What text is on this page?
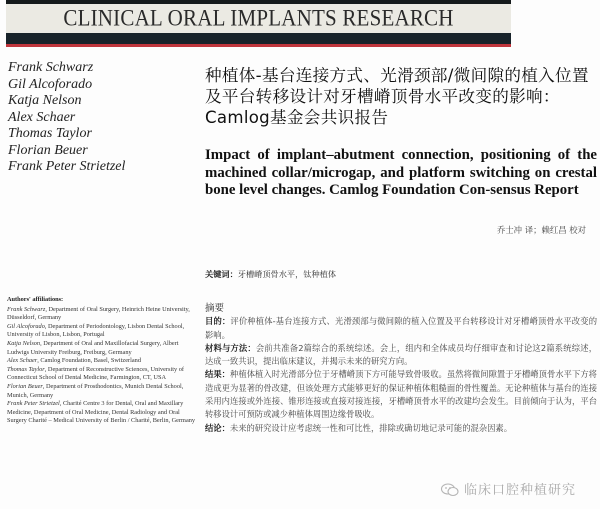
CLINICAL ORAL IMPLANTS RESEARCH
Frank Schwarz
Gil Alcoforado
Katja Nelson
Alex Schaer
Thomas Taylor
Florian Beuer
Frank Peter Strietzel
Authors' affiliations:
Frank Schwarz, Department of Oral Surgery, Heinrich Heine University, Düsseldorf, Germany
Gil Alcoforado, Department of Periodontology, Lisbon Dental School, University of Lisbon, Lisbon, Portugal
Katja Nelson, Department of Oral and Maxillofacial Surgery, Albert Ludwigs University Freiburg, Freiburg, Germany
Alex Schaer, Camlog Foundation, Basel, Switzerland
Thomas Taylor, Department of Reconstructive Sciences, University of Connecticut School of Dental Medicine, Farmington, CT, USA
Florian Beuer, Department of Prosthodontics, Munich Dental School, Munich, Germany
Frank Peter Strietzel, Charité Centre 3 for Dental, Oral and Maxillary Medicine, Department of Oral Medicine, Dental Radiology and Oral Surgery Charité – Medical University of Berlin / Charité, Berlin, Germany
种植体-基台连接方式、光滑颈部/微间隙的植入位置及平台转移设计对牙槽嵴顶骨水平改变的影响：Camlog基金会共识报告
Impact of implant–abutment connection, positioning of the machined collar/microgap, and platform switching on crestal bone level changes. Camlog Foundation Con-sensus Report
乔士冲 译；赖红昌 校对
关键词：牙槽嵴顶骨水平，钛种植体
摘要

目的：评价种植体-基台连接方式、光滑颈部与微间隙的植入位置及平台转移设计对牙槽嵴顶骨水平改变的影响。

材料与方法：会前共准备2篇综合的系统综述。会上，组内和全体成员均仔细审查和讨论这2篇系统综述，达成一致共识，提出临床建议，并揭示未来的研究方向。

结果：种植体植入时光滑部分位于牙槽嵴顶下方可能导致骨吸收。虽然将微间隙置于牙槽嵴顶骨水平下方将造成更为显著的骨改建，但该处理方式能够更好的保证种植体粗糙面的骨性覆盖。无论种植体与基台的连接采用内连接或外连接、锥形连接或直接对接连接，牙槽嵴顶骨水平的改建均会发生。目前倾向于认为，平台转移设计可预防或减少种植体周围边缘骨吸收。

结论：未来的研究设计应考虑统一性和可比性，排除或确切地记录可能的混杂因素。

临床口腔种植研究
